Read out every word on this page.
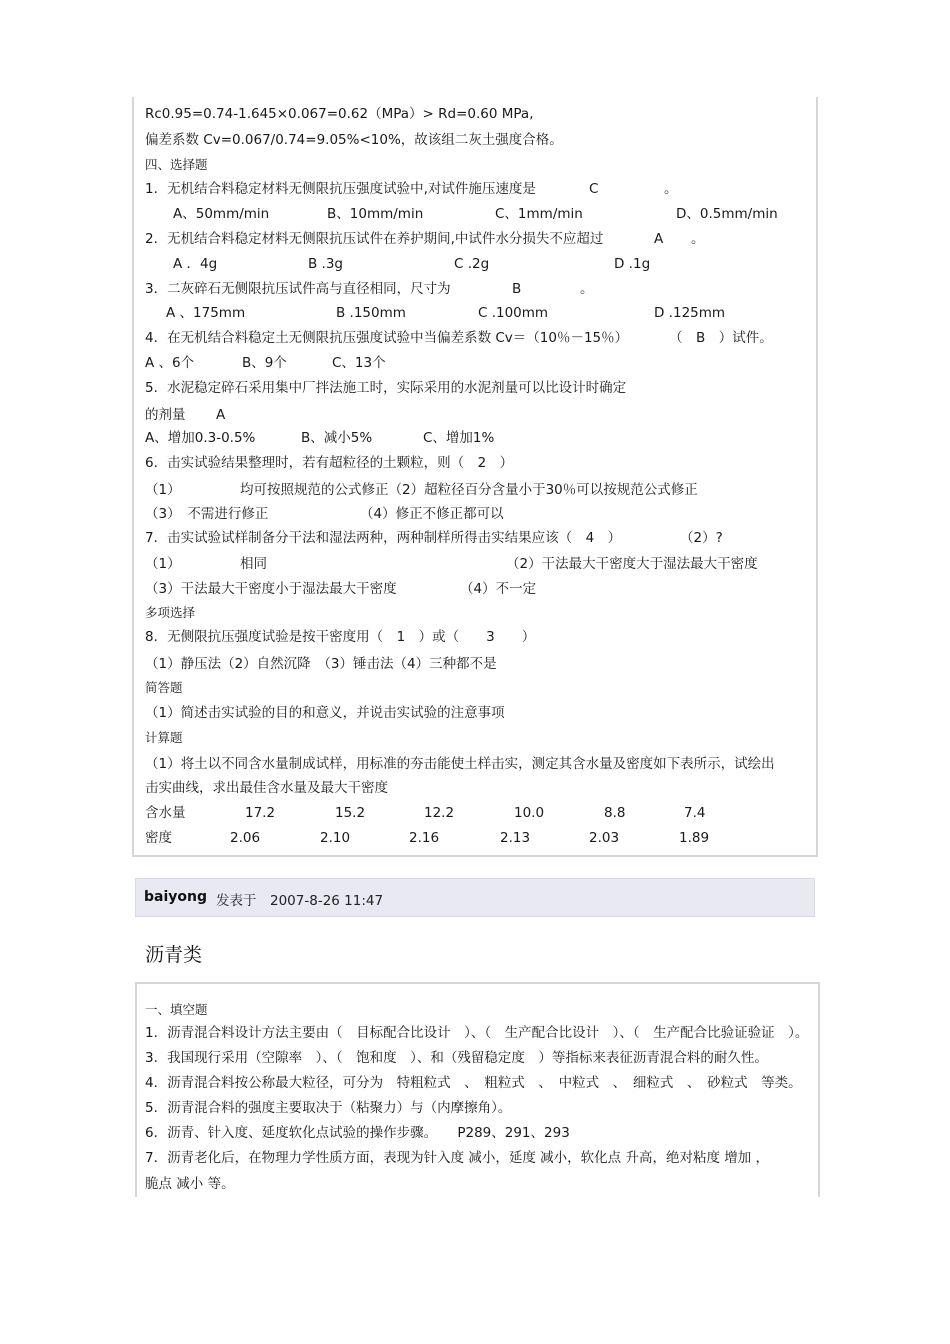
Rc0.95=0.74-1.645×0.067=0.62（MPa）> Rd=0.60 MPa,
偏差系数 Cv=0.067/0.74=9.05%<10%，故该组二灰土强度合格。
四、选择题
1．无机结合料稳定材料无侧限抗压强度试验中,对试件施压速度是	C	。
A、50mm/min	B、10mm/min	C、1mm/min	D、0.5mm/min
2．无机结合料稳定材料无侧限抗压试件在养护期间,中试件水分损失不应超过	A 。
A ．4g	B .3g	C .2g	D .1g
3．二灰碎石无侧限抗压试件高与直径相同，尺寸为	B	。
A 、175mm	B .150mm	C .100mm	D .125mm
4．在无机结合料稳定土无侧限抗压强度试验中当偏差系数 Cv＝（10％－15％）	（　B　）试件。
A 、6个	B、9个	C、13个
5．水泥稳定碎石采用集中厂拌法施工时，实际采用的水泥剂量可以比设计时确定
的剂量 A
A、增加0.3-0.5%	B、减小5%	C、增加1%
6．击实试验结果整理时，若有超粒径的土颗粒，则（　2　）
（1）	均可按照规范的公式修正（2）超粒径百分含量小于30％可以按规范公式修正
（3）　不需进行修正	（4）修正不修正都可以
7．击实试验试样制备分干法和湿法两种，两种制样所得击实结果应该（　4　）	（2）?
（1）	相同	（2）干法最大干密度大于湿法最大干密度
（3）干法最大干密度小于湿法最大干密度	（4）不一定
多项选择
8．无侧限抗压强度试验是按干密度用（　1　）或（　　3　　）
（1）静压法（2）自然沉降　（3）锤击法（4）三种都不是
简答题
（1）简述击实试验的目的和意义，并说击实试验的注意事项
计算题
（1）将土以不同含水量制成试样，用标准的夯击能使土样击实，测定其含水量及密度如下表所示，试绘出
击实曲线，求出最佳含水量及最大干密度
含水量	17.2	15.2	12.2	10.0	8.8	7.4
密度	2.06	2.10	2.16	2.13	2.03	1.89
baiyong 发表于　2007-8-26 11:47
沥青类
一、填空题
1．沥青混合料设计方法主要由（　目标配合比设计　）、（　生产配合比设计　）、（　生产配合比验证验证　）。
3．我国现行采用（空隙率　）、（　饱和度　）、和（残留稳定度　）等指标来表征沥青混合料的耐久性。
4．沥青混合料按公称最大粒径，可分为　特粗粒式　、　粗粒式　、　中粒式　、　细粒式　、　砂粒式　等类。
5．沥青混合料的强度主要取决于（粘聚力）与（内摩擦角）。
6．沥青、针入度、延度软化点试验的操作步骤。　　P289、291、293
7．沥青老化后，在物理力学性质方面，表现为针入度 减小，延度 减小，软化点 升高，绝对粘度 增加 ，
脆点 减小 等。
